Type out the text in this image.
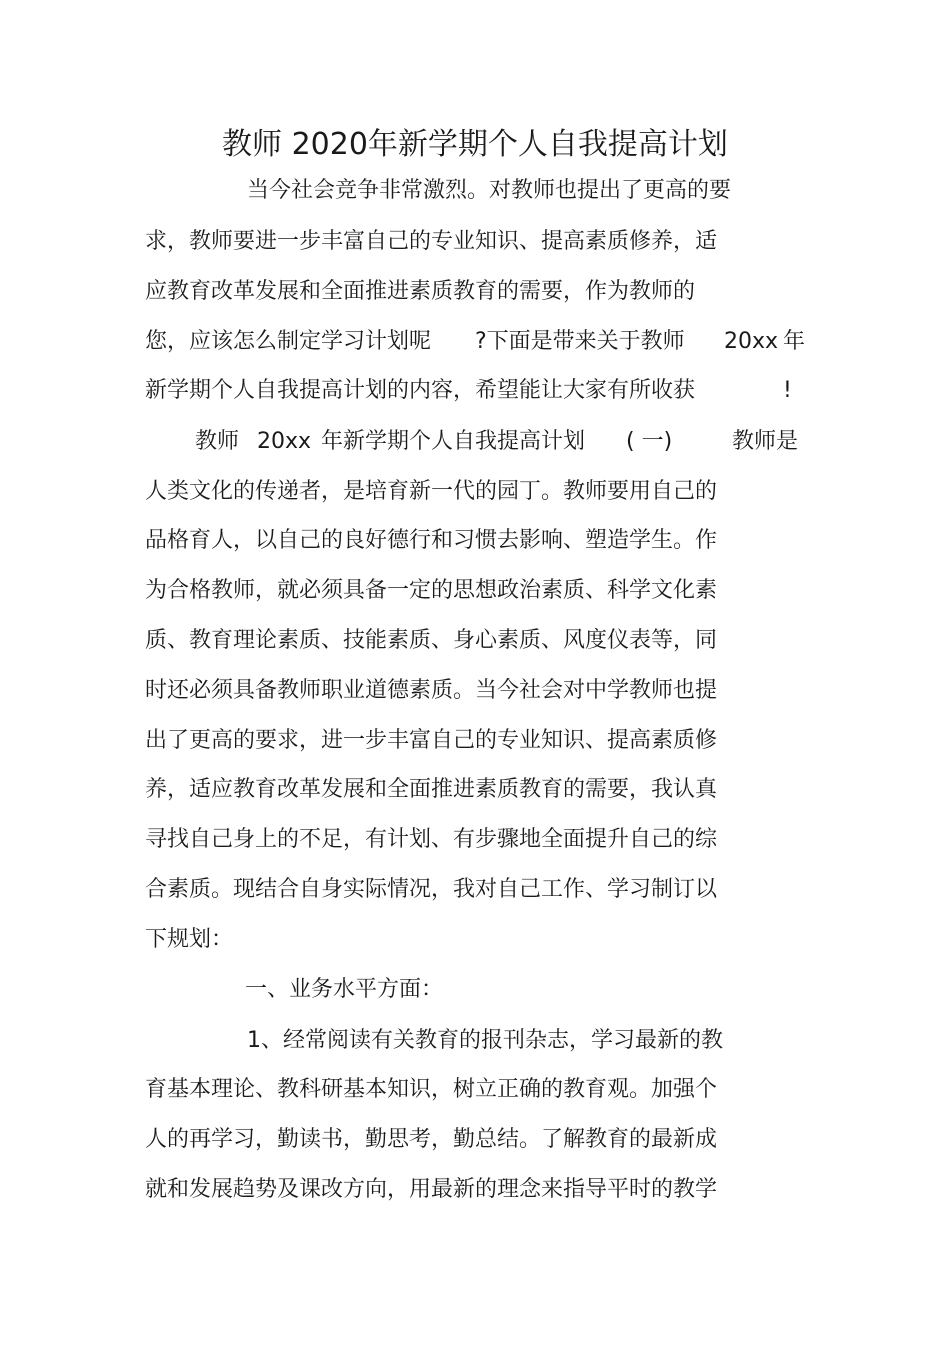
教师 2020年新学期个人自我提高计划
当今社会竞争非常激烈。对教师也提出了更高的要
求，教师要进一步丰富自己的专业知识、提高素质修养，适
应教育改革发展和全面推进素质教育的需要，作为教师的
您，应该怎么制定学习计划呢 ?下面是带来关于教师 20xx 年
新学期个人自我提高计划的内容，希望能让大家有所收获	!
教师 20xx 年新学期个人自我提高计划 ( 一)	教师是
人类文化的传递者，是培育新一代的园丁。教师要用自己的
品格育人，以自己的良好德行和习惯去影响、塑造学生。作
为合格教师，就必须具备一定的思想政治素质、科学文化素
质、教育理论素质、技能素质、身心素质、风度仪表等，同
时还必须具备教师职业道德素质。当今社会对中学教师也提
出了更高的要求，进一步丰富自己的专业知识、提高素质修
养，适应教育改革发展和全面推进素质教育的需要，我认真
寻找自己身上的不足，有计划、有步骤地全面提升自己的综
合素质。现结合自身实际情况，我对自己工作、学习制订以
下规划：
一、业务水平方面：
1、经常阅读有关教育的报刊杂志，学习最新的教
育基本理论、教科研基本知识，树立正确的教育观。加强个
人的再学习，勤读书，勤思考，勤总结。了解教育的最新成
就和发展趋势及课改方向，用最新的理念来指导平时的教学
